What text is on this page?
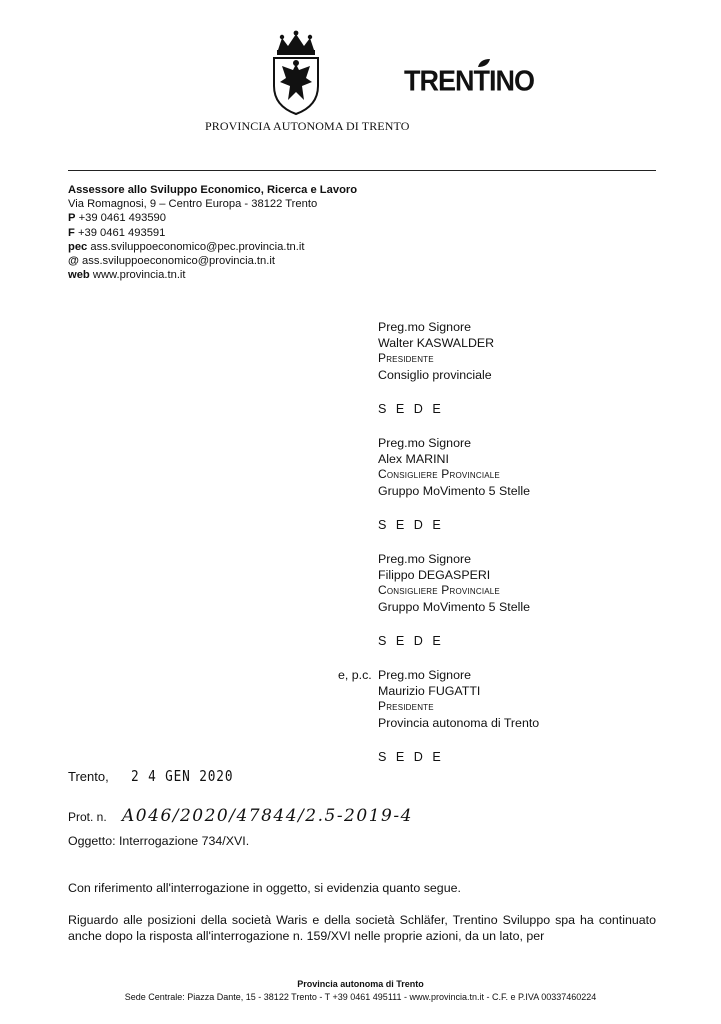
TRENTINO
PROVINCIA AUTONOMA DI TRENTO
Assessore allo Sviluppo Economico, Ricerca e Lavoro
Via Romagnosi, 9 – Centro Europa - 38122 Trento
P +39 0461 493590
F +39 0461 493591
pec ass.sviluppoeconomico@pec.provincia.tn.it
@ ass.sviluppoeconomico@provincia.tn.it
web www.provincia.tn.it
Preg.mo Signore
Walter KASWALDER
Presidente
Consiglio provinciale
S E D E
Preg.mo Signore
Alex MARINI
Consigliere Provinciale
Gruppo MoVimento 5 Stelle
S E D E
Preg.mo Signore
Filippo DEGASPERI
Consigliere Provinciale
Gruppo MoVimento 5 Stelle
S E D E
e, p.c. Preg.mo Signore
Maurizio FUGATTI
Presidente
Provincia autonoma di Trento
S E D E
Trento, 2 4 GEN 2020
Prot. n. A046/2020/47844/2.5-2019-4
Oggetto: Interrogazione 734/XVI.
Con riferimento all'interrogazione in oggetto, si evidenzia quanto segue.
Riguardo alle posizioni della società Waris e della società Schläfer, Trentino Sviluppo spa ha continuato anche dopo la risposta all'interrogazione n. 159/XVI nelle proprie azioni, da un lato, per
Provincia autonoma di Trento
Sede Centrale: Piazza Dante, 15 - 38122 Trento - T +39 0461 495111 - www.provincia.tn.it - C.F. e P.IVA 00337460224
